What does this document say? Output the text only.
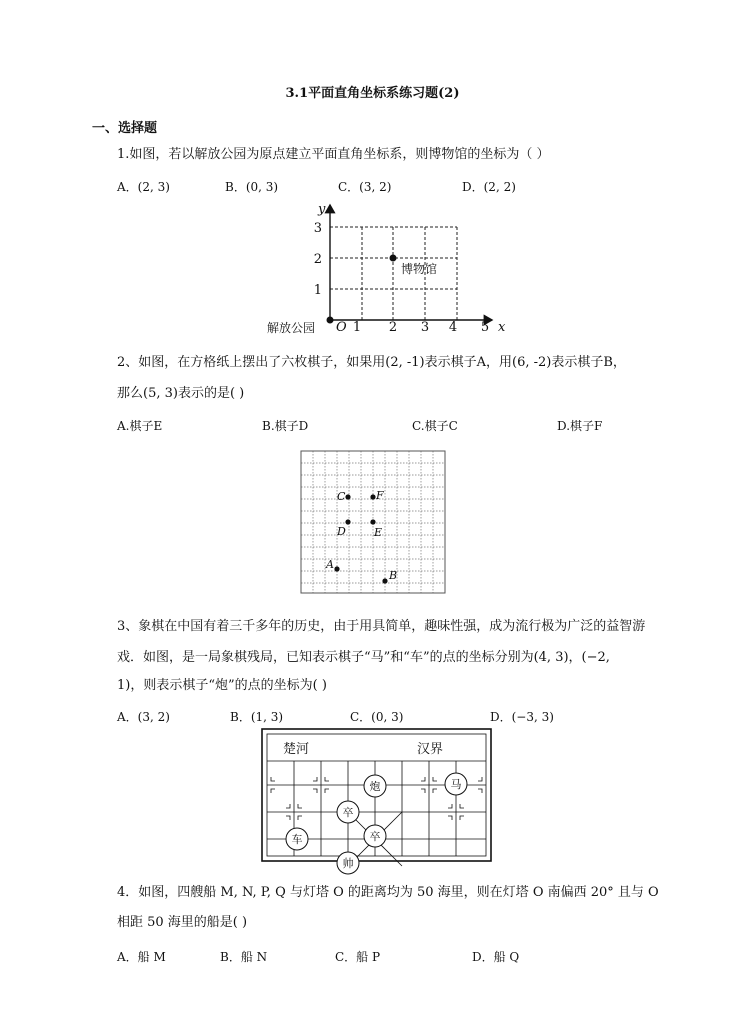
3.1平面直角坐标系练习题(2)
一、选择题
1.如图，若以解放公园为原点建立平面直角坐标系，则博物馆的坐标为（ ）
A．(2, 3)	B．(0, 3)	C．(3, 2)	D．(2, 2)
1 2 3 4 5
1
2
3
x
y
O
解放公园
博物馆
2、如图，在方格纸上摆出了六枚棋子，如果用(2, -1)表示棋子A，用(6, -2)表示棋子B，
那么(5, 3)表示的是( )
A.棋子E	B.棋子D	C.棋子C	D.棋子F
C	F
D	E
A
B
3、象棋在中国有着三千多年的历史，由于用具简单，趣味性强，成为流行极为广泛的益智游
戏．如图，是一局象棋残局，已知表示棋子“马”和“车”的点的坐标分别为(4, 3)，(−2,
1)，则表示棋子“炮”的点的坐标为( )
A．(3, 2)	B．(1, 3)	C．(0, 3)	D．(−3, 3)
楚河	汉界
炮	马
卒
卒
车
帅
4．如图，四艘船 M, N, P, Q 与灯塔 O 的距离均为 50 海里，则在灯塔 O 南偏西 20° 且与 O
相距 50 海里的船是( )
A．船 M	B．船 N	C．船 P	D．船 Q
